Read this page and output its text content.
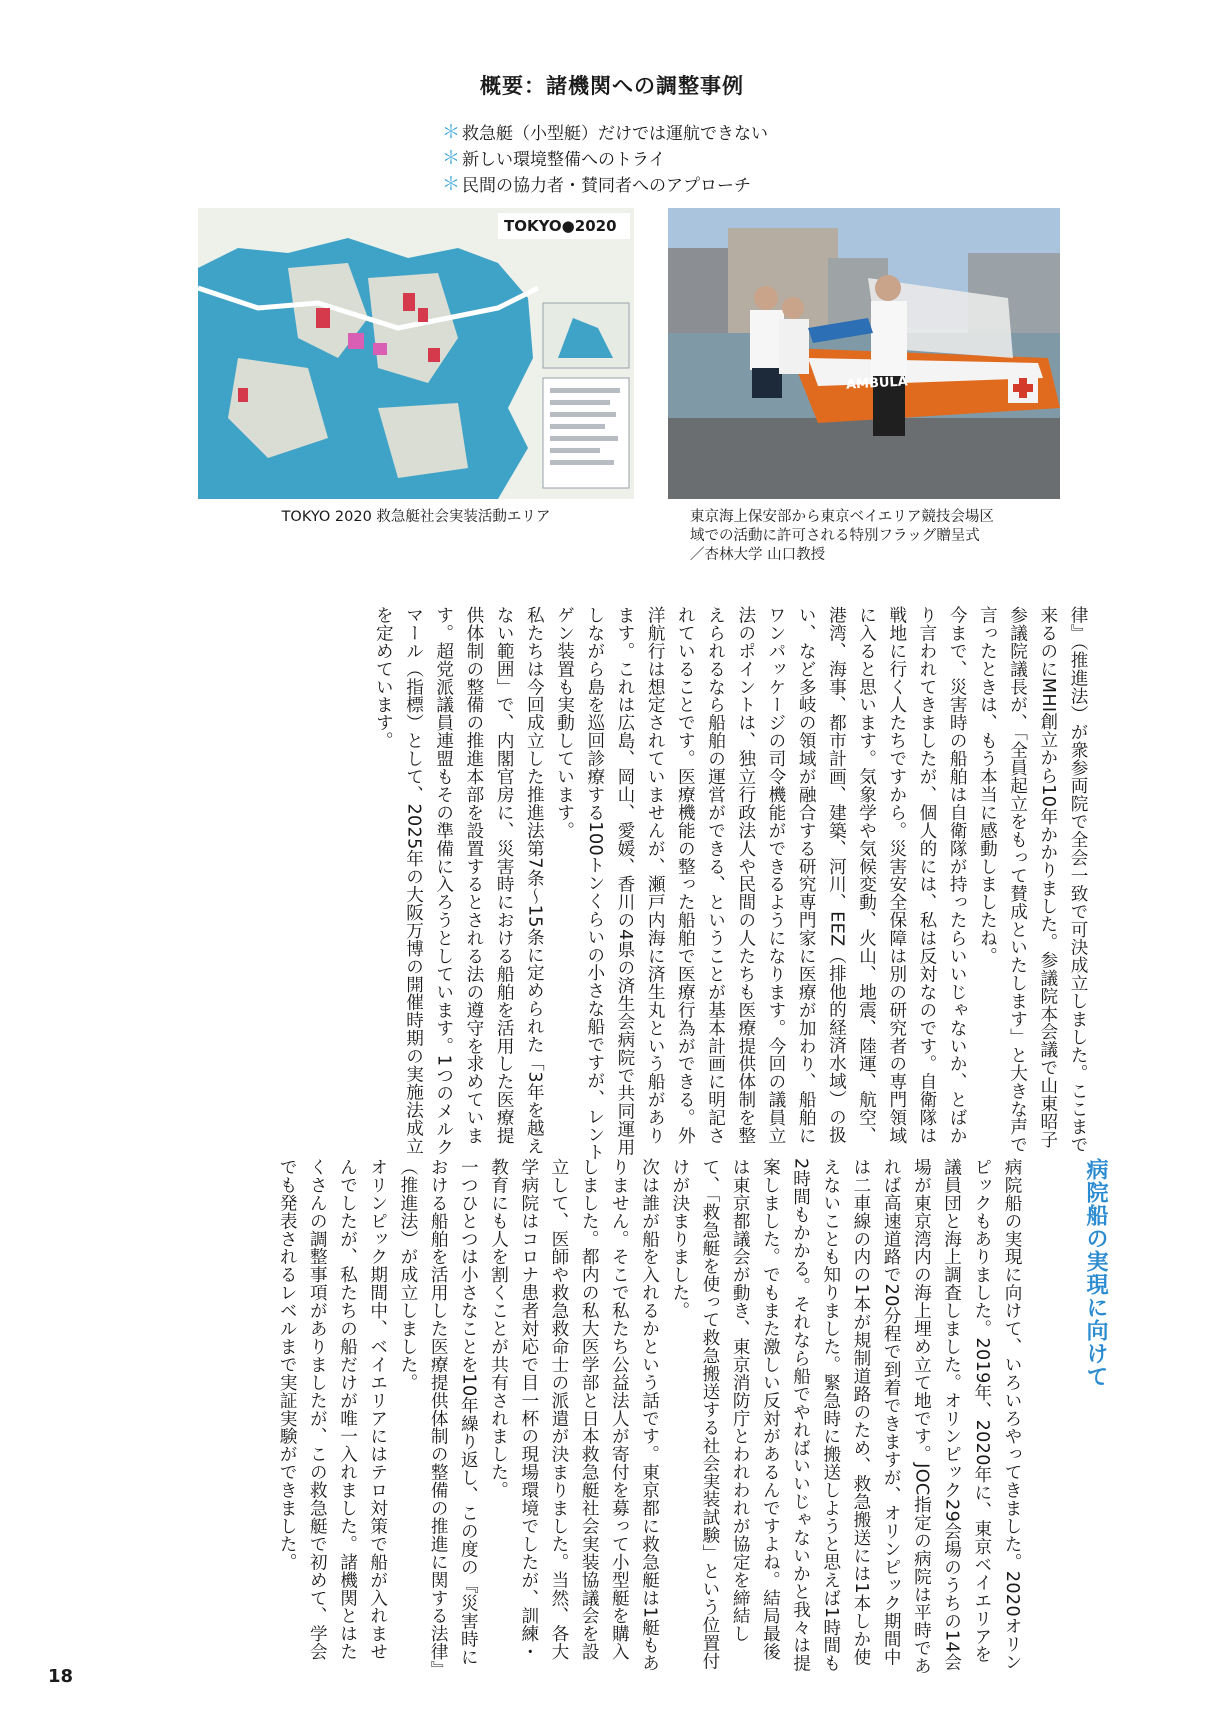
概要：諸機関への調整事例
＊ 救急艇（小型艇）だけでは運航できない
＊ 新しい環境整備へのトライ
＊ 民間の協力者・賛同者へのアプローチ
TOKYO●2020
TOKYO 2020 救急艇社会実装活動エリア
AMBULA
東京海上保安部から東京ベイエリア競技会場区
域での活動に許可される特別フラッグ贈呈式
／杏林大学 山口教授
律』（推進法）が衆参両院で全会一致で可決成立しました。ここまで来るのにMHI創立から10年かかりました。参議院本会議で山東昭子参議院議長が、「全員起立をもって賛成といたします」と大きな声で言ったときは、もう本当に感動しましたね。
今まで、災害時の船舶は自衛隊が持ったらいいじゃないか、とばかり言われてきましたが、個人的には、私は反対なのです。自衛隊は戦地に行く人たちですから。災害安全保障は別の研究者の専門領域に入ると思います。気象学や気候変動、火山、地震、陸運、航空、港湾、海事、都市計画、建築、河川、EEZ（排他的経済水域）の扱い、など多岐の領域が融合する研究専門家に医療が加わり、船舶にワンパッケージの司令機能ができるようになります。今回の議員立法のポイントは、独立行政法人や民間の人たちも医療提供体制を整えられるなら船舶の運営ができる、ということが基本計画に明記されていることです。医療機能の整った船舶で医療行為ができる。外洋航行は想定されていませんが、瀬戸内海に済生丸という船があります。これは広島、岡山、愛媛、香川の4県の済生会病院で共同運用しながら島を巡回診療する100トンくらいの小さな船ですが、レントゲン装置も実動しています。
私たちは今回成立した推進法第7条～15条に定められた「3年を越えない範囲」で、内閣官房に、災害時における船舶を活用した医療提供体制の整備の推進本部を設置するとされる法の遵守を求めています。超党派議員連盟もその準備に入ろうとしています。1つのメルクマール（指標）として、2025年の大阪万博の開催時期の実施法成立を定めています。
病院船の実現に向けて
病院船の実現に向けて、いろいろやってきました。2020オリンピックもありました。2019年、2020年に、東京ベイエリアを議員団と海上調査しました。オリンピック29会場のうちの14会場が東京湾内の海上埋め立て地です。JOC指定の病院は平時であれば高速道路で20分程で到着できますが、オリンピック期間中は二車線の内の1本が規制道路のため、救急搬送には1本しか使えないことも知りました。緊急時に搬送しようと思えば1時間も2時間もかかる。それなら船でやればいいじゃないかと我々は提案しました。でもまた激しい反対があるんですよね。結局最後は東京都議会が動き、東京消防庁とわれわれが協定を締結して、「救急艇を使って救急搬送する社会実装試験」という位置付けが決まりました。
次は誰が船を入れるかという話です。東京都に救急艇は1艇もありません。そこで私たち公益法人が寄付を募って小型艇を購入しました。都内の私大医学部と日本救急艇社会実装協議会を設立して、医師や救急救命士の派遣が決まりました。当然、各大学病院はコロナ患者対応で目一杯の現場環境でしたが、訓練・教育にも人を割くことが共有されました。
一つひとつは小さなことを10年繰り返し、この度の『災害時における船舶を活用した医療提供体制の整備の推進に関する法律』（推進法）が成立しました。
オリンピック期間中、ベイエリアにはテロ対策で船が入れませんでしたが、私たちの船だけが唯一入れました。諸機関とはたくさんの調整事項がありましたが、この救急艇で初めて、学会でも発表されるレベルまで実証実験ができました。
18
